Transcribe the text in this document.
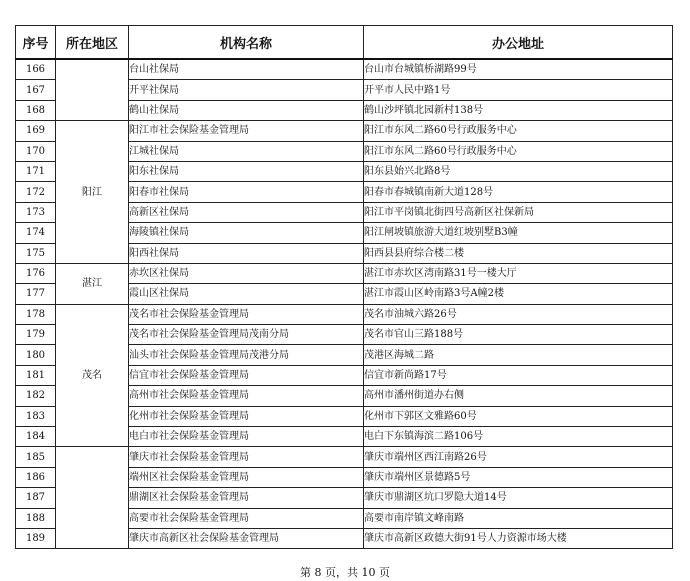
序号	所在地区	机构名称	办公地址
166		台山社保局	台山市台城镇桥湖路99号
167		开平社保局	开平市人民中路1号
168		鹤山社保局	鹤山沙坪镇北园新村138号
169	阳江	阳江市社会保险基金管理局	阳江市东风二路60号行政服务中心
170		江城社保局	阳江市东风二路60号行政服务中心
171		阳东社保局	阳东县始兴北路8号
172		阳春市社保局	阳春市春城镇南新大道128号
173		高新区社保局	阳江市平岗镇北街四号高新区社保新局
174		海陵镇社保局	阳江闸坡镇旅游大道红坡别墅B3幢
175		阳西社保局	阳西县县府综合楼二楼
176	湛江	赤坎区社保局	湛江市赤坎区湾南路31号一楼大厅
177		霞山区社保局	湛江市霞山区岭南路3号A幢2楼
178	茂名	茂名市社会保险基金管理局	茂名市油城六路26号
179		茂名市社会保险基金管理局茂南分局	茂名市官山三路188号
180		汕头市社会保险基金管理局茂港分局	茂港区海城二路
181		信宜市社会保险基金管理局	信宜市新尚路17号
182		高州市社会保险基金管理局	高州市潘州街道办右侧
183		化州市社会保险基金管理局	化州市下郭区文雅路60号
184		电白市社会保险基金管理局	电白下东镇海滨二路106号
185		肇庆市社会保险基金管理局	肇庆市端州区西江南路26号
186		端州区社会保险基金管理局	肇庆市端州区景德路5号
187		鼎湖区社会保险基金管理局	肇庆市鼎湖区坑口罗隐大道14号
188		高要市社会保险基金管理局	高要市南岸镇文峰南路
189		肇庆市高新区社会保险基金管理局	肇庆市高新区政德大街91号人力资源市场大楼
第 8 页，共 10 页
